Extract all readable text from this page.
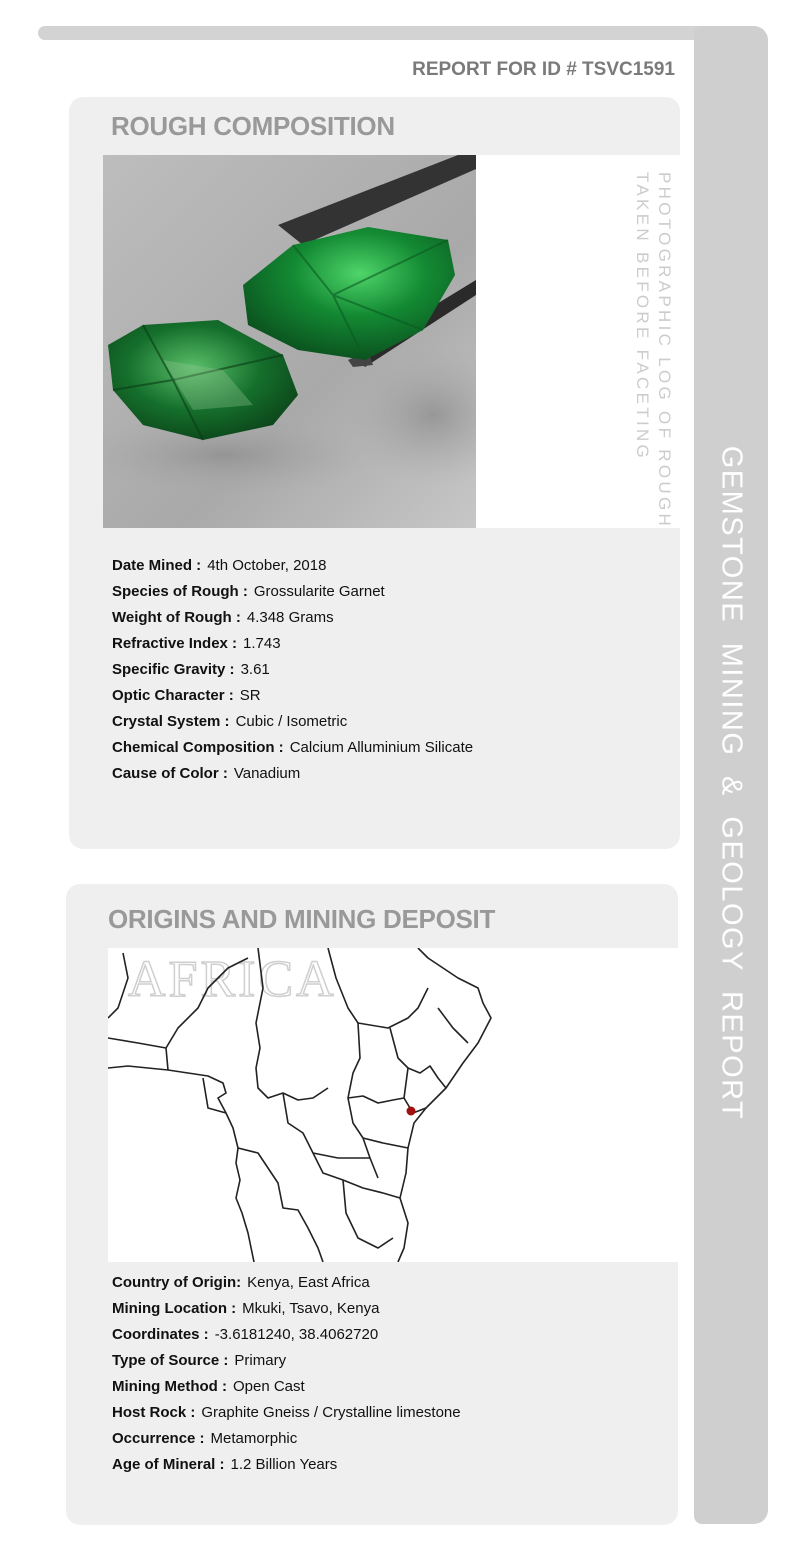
GEMSTONE MINING & GEOLOGY REPORT
REPORT FOR ID # TSVC1591
ROUGH COMPOSITION
PHOTOGRAPHIC LOG OF ROUGH
TAKEN BEFORE FACETING
Date Mined : 4th October, 2018
Species of Rough : Grossularite Garnet
Weight of Rough : 4.348 Grams
Refractive Index : 1.743
Specific Gravity : 3.61
Optic Character : SR
Crystal System : Cubic / Isometric
Chemical Composition : Calcium Alluminium Silicate
Cause of Color : Vanadium
ORIGINS AND MINING DEPOSIT
AFRICA
Country of Origin: Kenya, East Africa
Mining Location : Mkuki, Tsavo, Kenya
Coordinates : -3.6181240, 38.4062720
Type of Source : Primary
Mining Method : Open Cast
Host Rock : Graphite Gneiss / Crystalline limestone
Occurrence : Metamorphic
Age of Mineral : 1.2 Billion Years
